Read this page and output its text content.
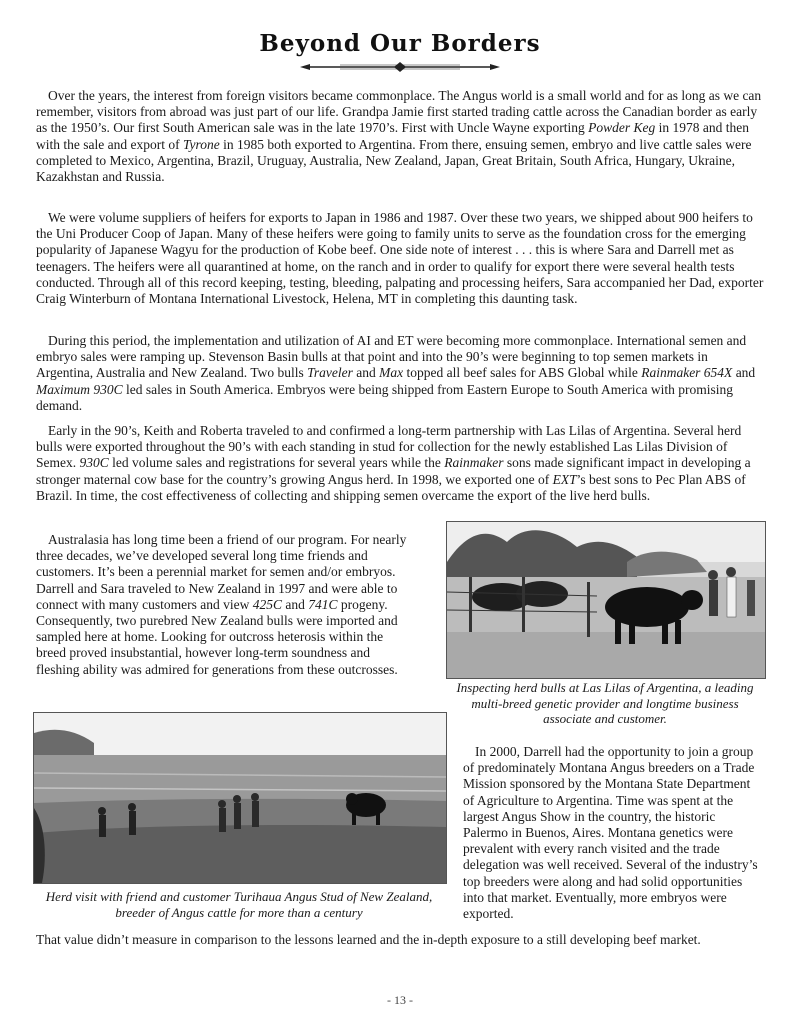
Beyond Our Borders

Over the years, the interest from foreign visitors became commonplace. The Angus world is a small world and for as long as we can remember, visitors from abroad was just part of our life. Grandpa Jamie first started trading cattle across the Canadian border as early as the 1950’s. Our first South American sale was in the late 1970’s. First with Uncle Wayne exporting Powder Keg in 1978 and then with the sale and export of Tyrone in 1985 both exported to Argentina. From there, ensuing semen, embryo and live cattle sales were completed to Mexico, Argentina, Brazil, Uruguay, Australia, New Zealand, Japan, Great Britain, South Africa, Hungary, Ukraine, Kazakhstan and Russia.

We were volume suppliers of heifers for exports to Japan in 1986 and 1987. Over these two years, we shipped about 900 heifers to the Uni Producer Coop of Japan. Many of these heifers were going to family units to serve as the foundation cross for the emerging popularity of Japanese Wagyu for the production of Kobe beef. One side note of interest . . . this is where Sara and Darrell met as teenagers. The heifers were all quarantined at home, on the ranch and in order to qualify for export there were several health tests conducted. Through all of this record keeping, testing, bleeding, palpating and processing heifers, Sara accompanied her Dad, exporter Craig Winterburn of Montana International Livestock, Helena, MT in completing this daunting task.

During this period, the implementation and utilization of AI and ET were becoming more commonplace. International semen and embryo sales were ramping up. Stevenson Basin bulls at that point and into the 90’s were beginning to top semen markets in Argentina, Australia and New Zealand. Two bulls Traveler and Max topped all beef sales for ABS Global while Rainmaker 654X and Maximum 930C led sales in South America. Embryos were being shipped from Eastern Europe to South America with promising demand.

Early in the 90’s, Keith and Roberta traveled to and confirmed a long-term partnership with Las Lilas of Argentina. Several herd bulls were exported throughout the 90’s with each standing in stud for collection for the newly established Las Lilas Division of Semex. 930C led volume sales and registrations for several years while the Rainmaker sons made significant impact in developing a stronger maternal cow base for the country’s growing Angus herd. In 1998, we exported one of EXT’s best sons to Pec Plan ABS of Brazil. In time, the cost effectiveness of collecting and shipping semen overcame the export of the live herd bulls.

Australasia has long time been a friend of our program. For nearly three decades, we’ve developed several long time friends and customers. It’s been a perennial market for semen and/or embryos. Darrell and Sara traveled to New Zealand in 1997 and were able to connect with many customers and view 425C and 741C progeny. Consequently, two purebred New Zealand bulls were imported and sampled here at home. Looking for outcross heterosis within the breed proved insubstantial, however long-term soundness and fleshing ability was admired for generations from these outcrosses.

Inspecting herd bulls at Las Lilas of Argentina, a leading multi-breed genetic provider and longtime business associate and customer.

Herd visit with friend and customer Turihaua Angus Stud of New Zealand, breeder of Angus cattle for more than a century

In 2000, Darrell had the opportunity to join a group of predominately Montana Angus breeders on a Trade Mission sponsored by the Montana State Department of Agriculture to Argentina. Time was spent at the largest Angus Show in the country, the historic Palermo in Buenos, Aires. Montana genetics were prevalent with every ranch visited and the trade delegation was well received. Several of the industry’s top breeders were along and had solid opportunities into that market. Eventually, more embryos were exported.

That value didn’t measure in comparison to the lessons learned and the in-depth exposure to a still developing beef market.

- 13 -
